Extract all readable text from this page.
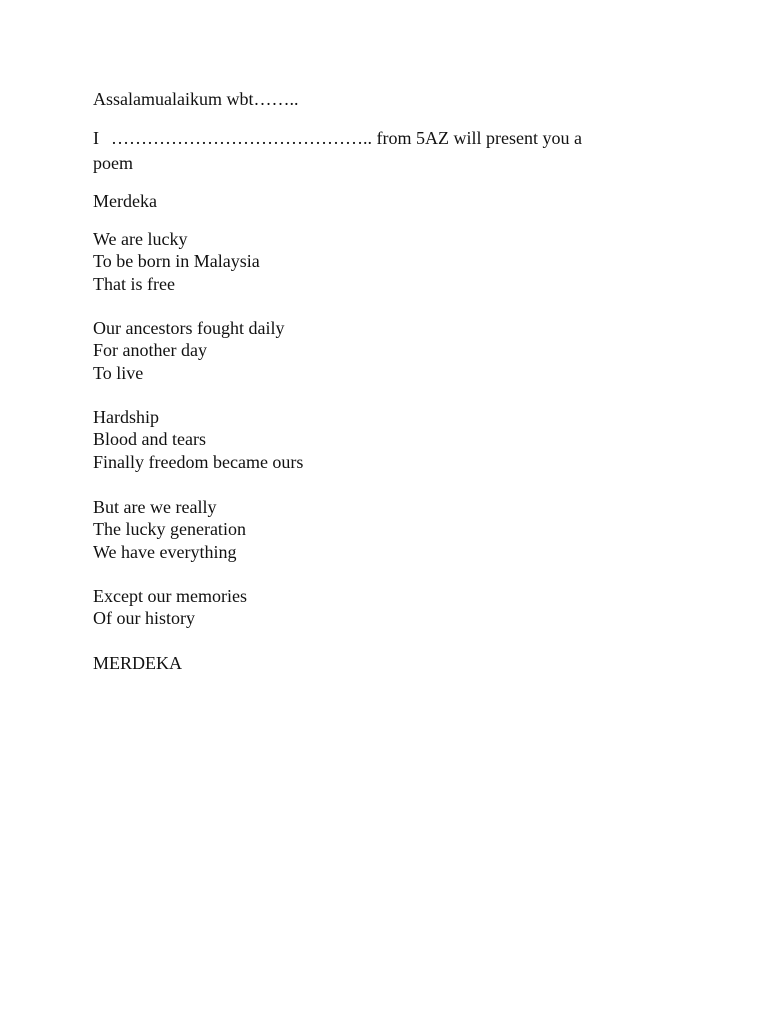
Assalamualaikum wbt……..
I …………………………………….. from 5AZ will present you a
poem
Merdeka
We are lucky
To be born in Malaysia
That is free
Our ancestors fought daily
For another day
To live
Hardship
Blood and tears
Finally freedom became ours
But are we really
The lucky generation
We have everything
Except our memories
Of our history
MERDEKA
